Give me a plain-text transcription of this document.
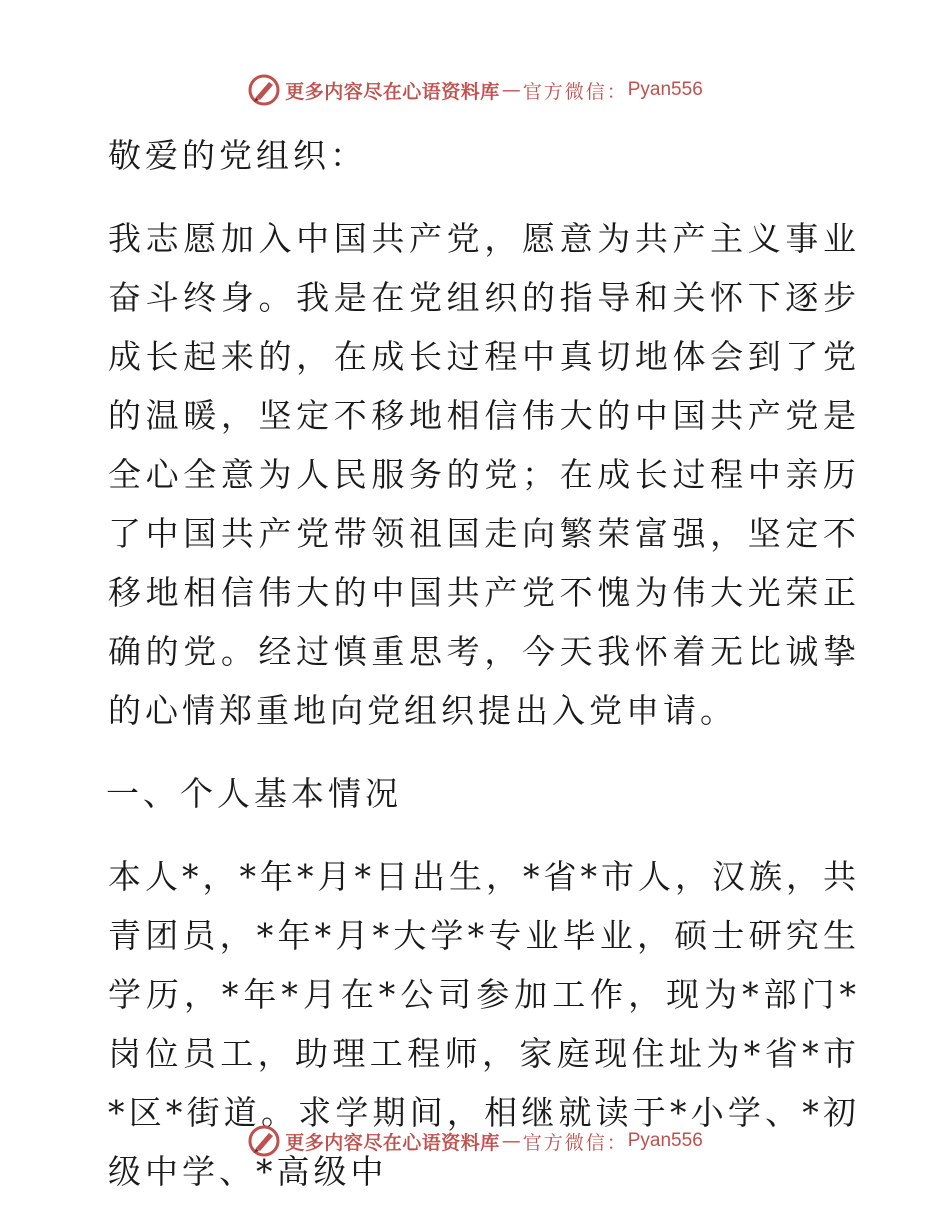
更多内容尽在心语资料库 — 官方微信： Pyan556

敬爱的党组织：

我志愿加入中国共产党，愿意为共产主义事业奋斗终身。我是在党组织的指导和关怀下逐步成长起来的，在成长过程中真切地体会到了党的温暖，坚定不移地相信伟大的中国共产党是全心全意为人民服务的党；在成长过程中亲历了中国共产党带领祖国走向繁荣富强，坚定不移地相信伟大的中国共产党不愧为伟大光荣正确的党。经过慎重思考，今天我怀着无比诚挚的心情郑重地向党组织提出入党申请。

一、个人基本情况

本人*，*年*月*日出生，*省*市人，汉族，共青团员，*年*月*大学*专业毕业，硕士研究生学历，*年*月在*公司参加工作，现为*部门*岗位员工，助理工程师，家庭现住址为*省*市*区*街道。求学期间，相继就读于*小学、*初级中学、*高级中

更多内容尽在心语资料库 — 官方微信： Pyan556
